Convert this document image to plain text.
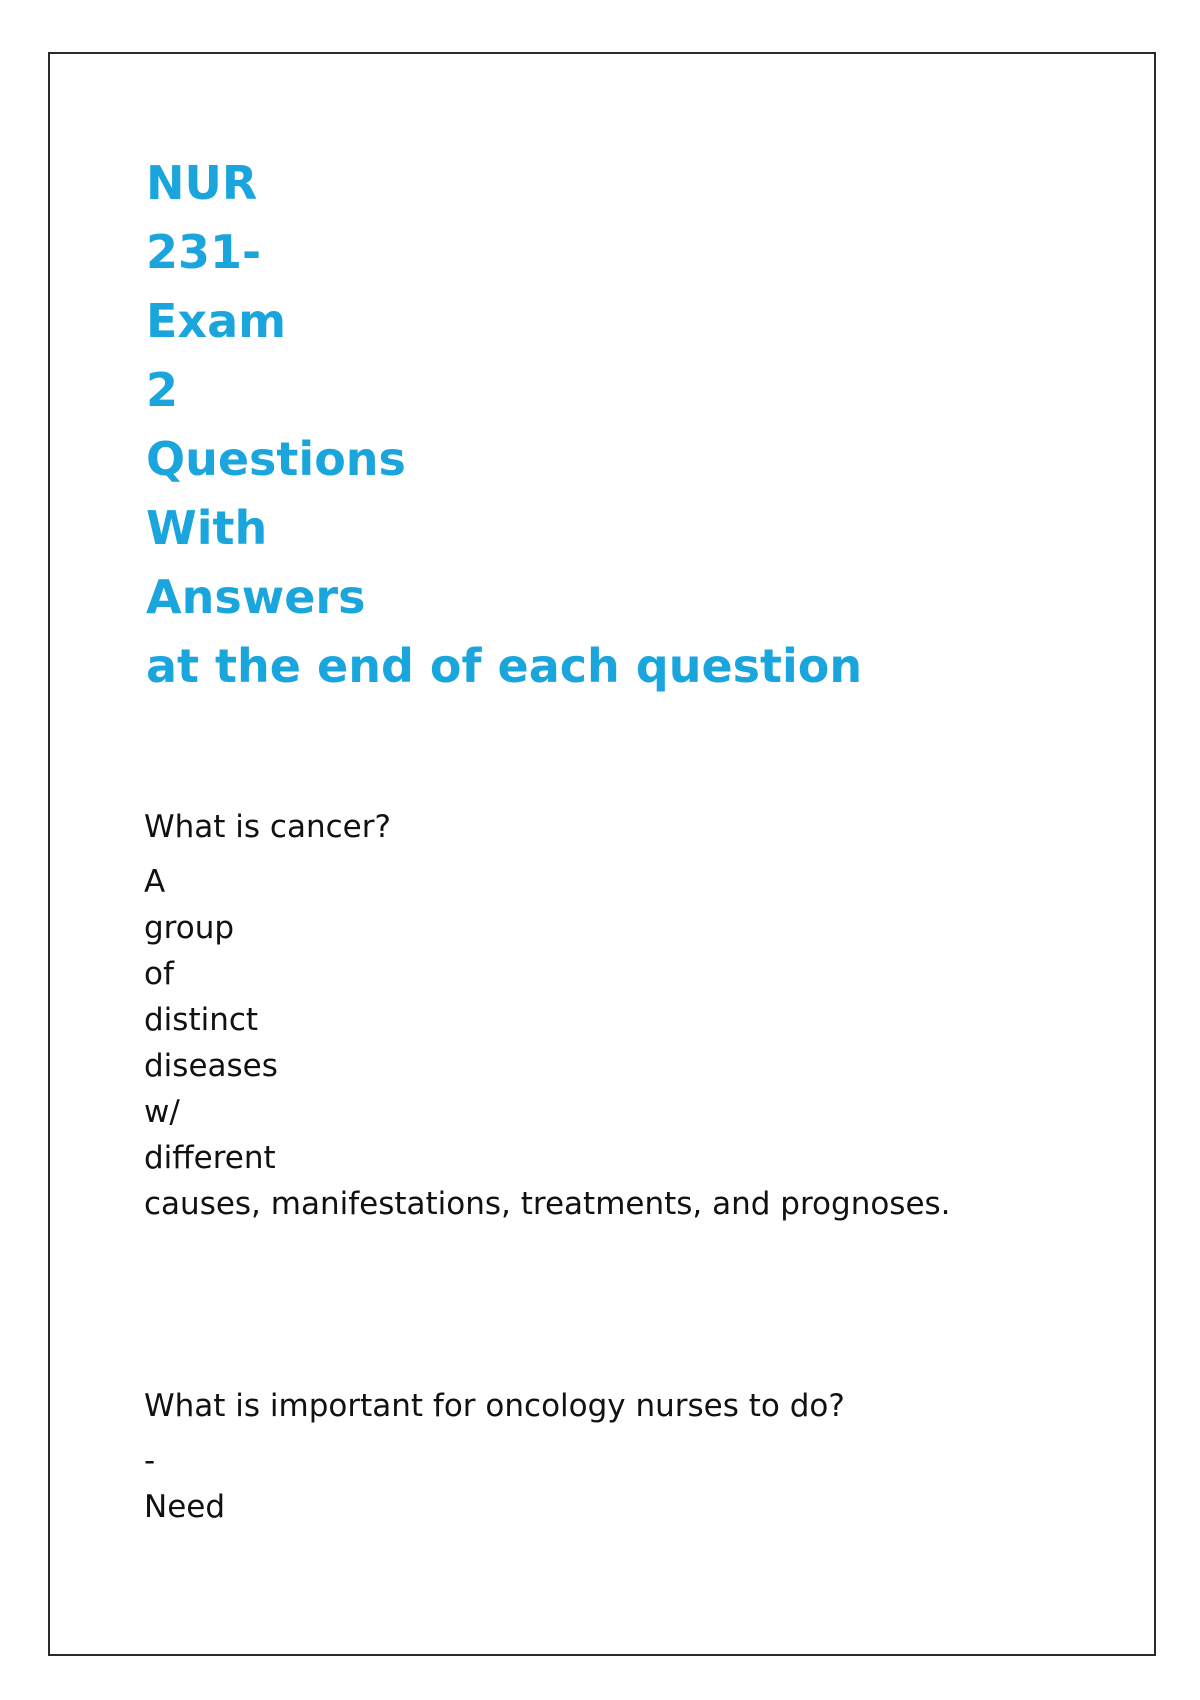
NUR
231-
Exam
2
Questions
With
Answers
at the end of each question
What is cancer?
A
group
of
distinct
diseases
w/
different
causes, manifestations, treatments, and prognoses.
What is important for oncology nurses to do?
-
Need
